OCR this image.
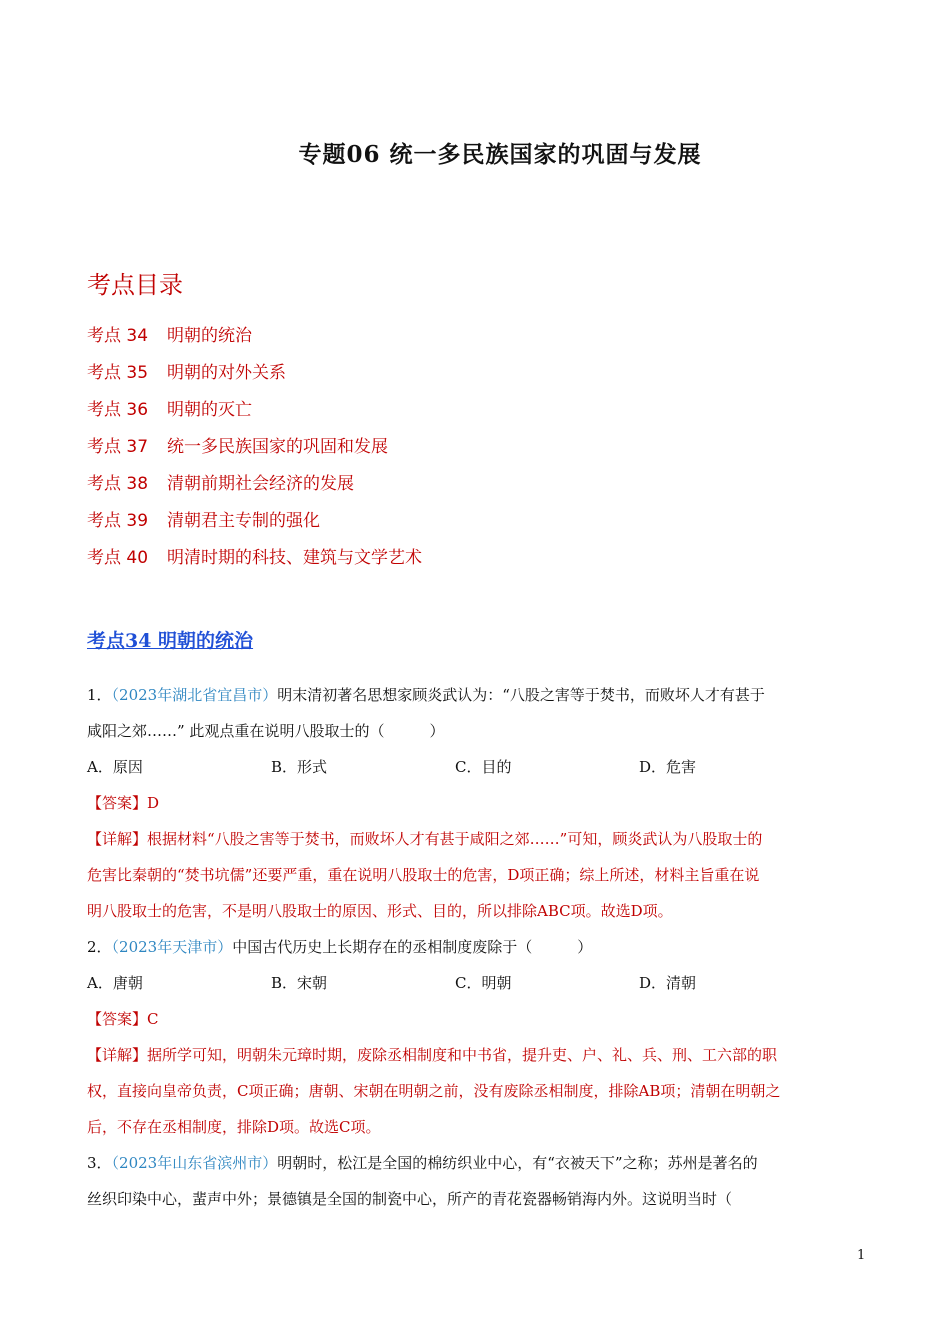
专题06 统一多民族国家的巩固与发展
考点目录
考点 34 明朝的统治
考点 35 明朝的对外关系
考点 36 明朝的灭亡
考点 37 统一多民族国家的巩固和发展
考点 38 清朝前期社会经济的发展
考点 39 清朝君主专制的强化
考点 40 明清时期的科技、建筑与文学艺术
考点34 明朝的统治
1．（2023年湖北省宜昌市）明末清初著名思想家顾炎武认为：“八股之害等于焚书，而败坏人才有甚于
咸阳之郊……” 此观点重在说明八股取士的（　　　）
A．原因	B．形式	C．目的	D．危害
【答案】D
【详解】根据材料“八股之害等于焚书，而败坏人才有甚于咸阳之郊……”可知，顾炎武认为八股取士的
危害比秦朝的“焚书坑儒”还要严重，重在说明八股取士的危害，D项正确；综上所述，材料主旨重在说
明八股取士的危害，不是明八股取士的原因、形式、目的，所以排除ABC项。故选D项。
2．（2023年天津市）中国古代历史上长期存在的丞相制度废除于（　　　）
A．唐朝	B．宋朝	C．明朝	D．清朝
【答案】C
【详解】据所学可知，明朝朱元璋时期，废除丞相制度和中书省，提升吏、户、礼、兵、刑、工六部的职
权，直接向皇帝负责，C项正确；唐朝、宋朝在明朝之前，没有废除丞相制度，排除AB项；清朝在明朝之
后，不存在丞相制度，排除D项。故选C项。
3．（2023年山东省滨州市）明朝时，松江是全国的棉纺织业中心，有“衣被天下”之称；苏州是著名的
丝织印染中心，蜚声中外；景德镇是全国的制瓷中心，所产的青花瓷器畅销海内外。这说明当时（
1
